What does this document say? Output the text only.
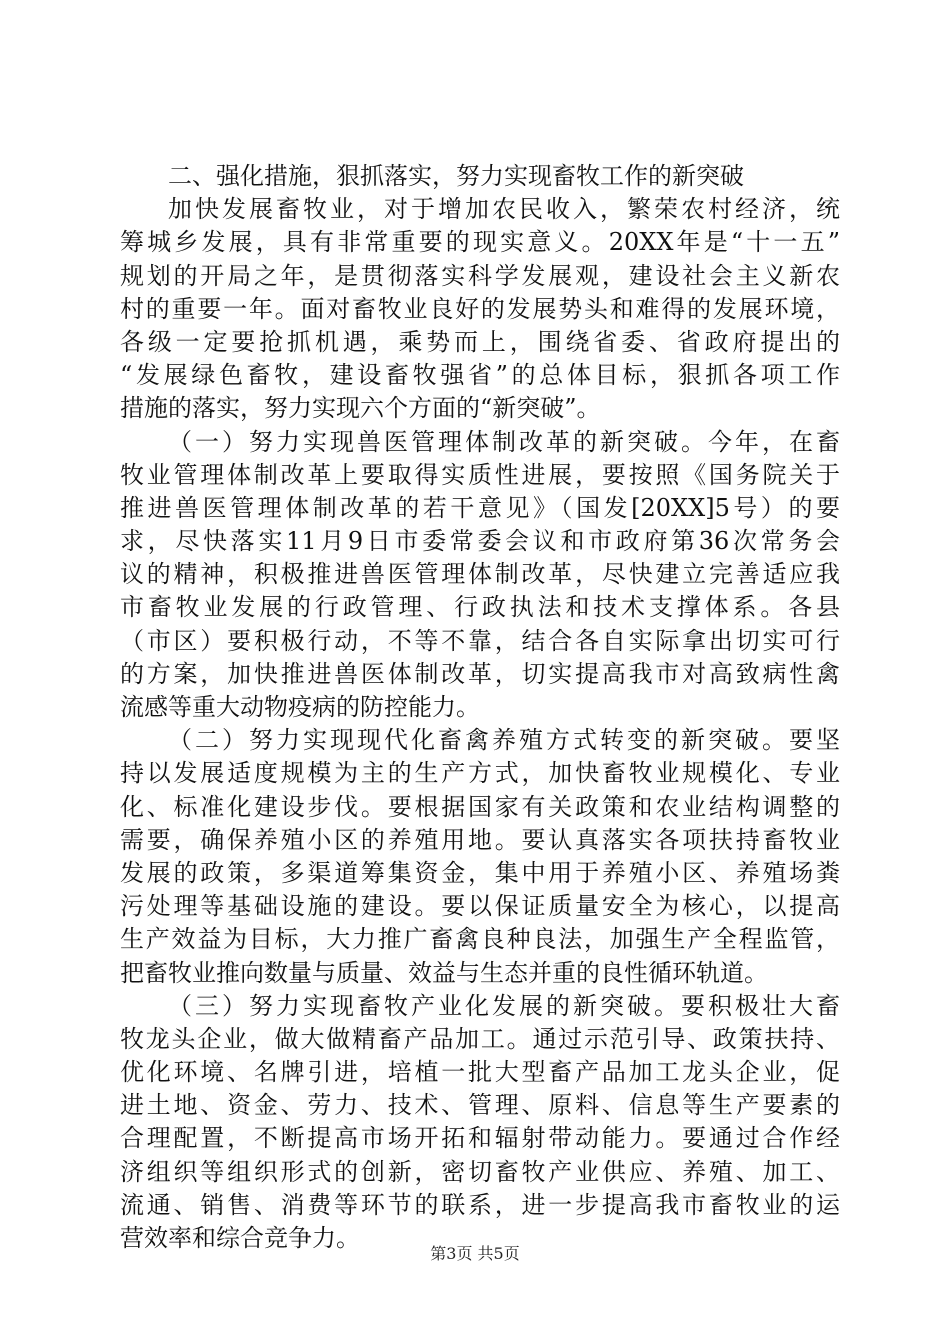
二、强化措施，狠抓落实，努力实现畜牧工作的新突破
加快发展畜牧业，对于增加农民收入，繁荣农村经济，统
筹城乡发展，具有非常重要的现实意义。20XX年是“十一五”
规划的开局之年，是贯彻落实科学发展观，建设社会主义新农
村的重要一年。面对畜牧业良好的发展势头和难得的发展环境，
各级一定要抢抓机遇，乘势而上，围绕省委、省政府提出的
“发展绿色畜牧，建设畜牧强省”的总体目标，狠抓各项工作
措施的落实，努力实现六个方面的“新突破”。
（一）努力实现兽医管理体制改革的新突破。今年，在畜
牧业管理体制改革上要取得实质性进展，要按照《国务院关于
推进兽医管理体制改革的若干意见》（国发[20XX]5号）的要
求，尽快落实11月9日市委常委会议和市政府第36次常务会
议的精神，积极推进兽医管理体制改革，尽快建立完善适应我
市畜牧业发展的行政管理、行政执法和技术支撑体系。各县
（市区）要积极行动，不等不靠，结合各自实际拿出切实可行
的方案，加快推进兽医体制改革，切实提高我市对高致病性禽
流感等重大动物疫病的防控能力。
（二）努力实现现代化畜禽养殖方式转变的新突破。要坚
持以发展适度规模为主的生产方式，加快畜牧业规模化、专业
化、标准化建设步伐。要根据国家有关政策和农业结构调整的
需要，确保养殖小区的养殖用地。要认真落实各项扶持畜牧业
发展的政策，多渠道筹集资金，集中用于养殖小区、养殖场粪
污处理等基础设施的建设。要以保证质量安全为核心，以提高
生产效益为目标，大力推广畜禽良种良法，加强生产全程监管，
把畜牧业推向数量与质量、效益与生态并重的良性循环轨道。
（三）努力实现畜牧产业化发展的新突破。要积极壮大畜
牧龙头企业，做大做精畜产品加工。通过示范引导、政策扶持、
优化环境、名牌引进，培植一批大型畜产品加工龙头企业，促
进土地、资金、劳力、技术、管理、原料、信息等生产要素的
合理配置，不断提高市场开拓和辐射带动能力。要通过合作经
济组织等组织形式的创新，密切畜牧产业供应、养殖、加工、
流通、销售、消费等环节的联系，进一步提高我市畜牧业的运
营效率和综合竞争力。
第3页 共5页
